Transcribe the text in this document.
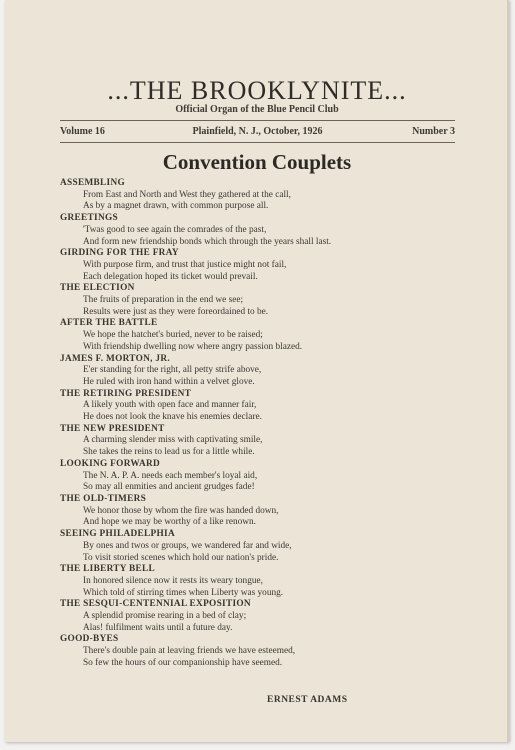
...THE BROOKLYNITE...
Official Organ of the Blue Pencil Club
Volume 16	Plainfield, N. J., October, 1926	Number 3
Convention Couplets
ASSEMBLING
From East and North and West they gathered at the call,
As by a magnet drawn, with common purpose all.
GREETINGS
'Twas good to see again the comrades of the past,
And form new friendship bonds which through the years shall last.
GIRDING FOR THE FRAY
With purpose firm, and trust that justice might not fail,
Each delegation hoped its ticket would prevail.
THE ELECTION
The fruits of preparation in the end we see;
Results were just as they were foreordained to be.
AFTER THE BATTLE
We hope the hatchet's buried, never to be raised;
With friendship dwelling now where angry passion blazed.
JAMES F. MORTON, JR.
E'er standing for the right, all petty strife above,
He ruled with iron hand within a velvet glove.
THE RETIRING PRESIDENT
A likely youth with open face and manner fair,
He does not look the knave his enemies declare.
THE NEW PRESIDENT
A charming slender miss with captivating smile,
She takes the reins to lead us for a little while.
LOOKING FORWARD
The N. A. P. A. needs each member's loyal aid,
So may all enmities and ancient grudges fade!
THE OLD-TIMERS
We honor those by whom the fire was handed down,
And hope we may be worthy of a like renown.
SEEING PHILADELPHIA
By ones and twos or groups, we wandered far and wide,
To visit storied scenes which hold our nation's pride.
THE LIBERTY BELL
In honored silence now it rests its weary tongue,
Which told of stirring times when Liberty was young.
THE SESQUI-CENTENNIAL EXPOSITION
A splendid promise rearing in a bed of clay;
Alas! fulfilment waits until a future day.
GOOD-BYES
There's double pain at leaving friends we have esteemed,
So few the hours of our companionship have seemed.
ERNEST ADAMS
